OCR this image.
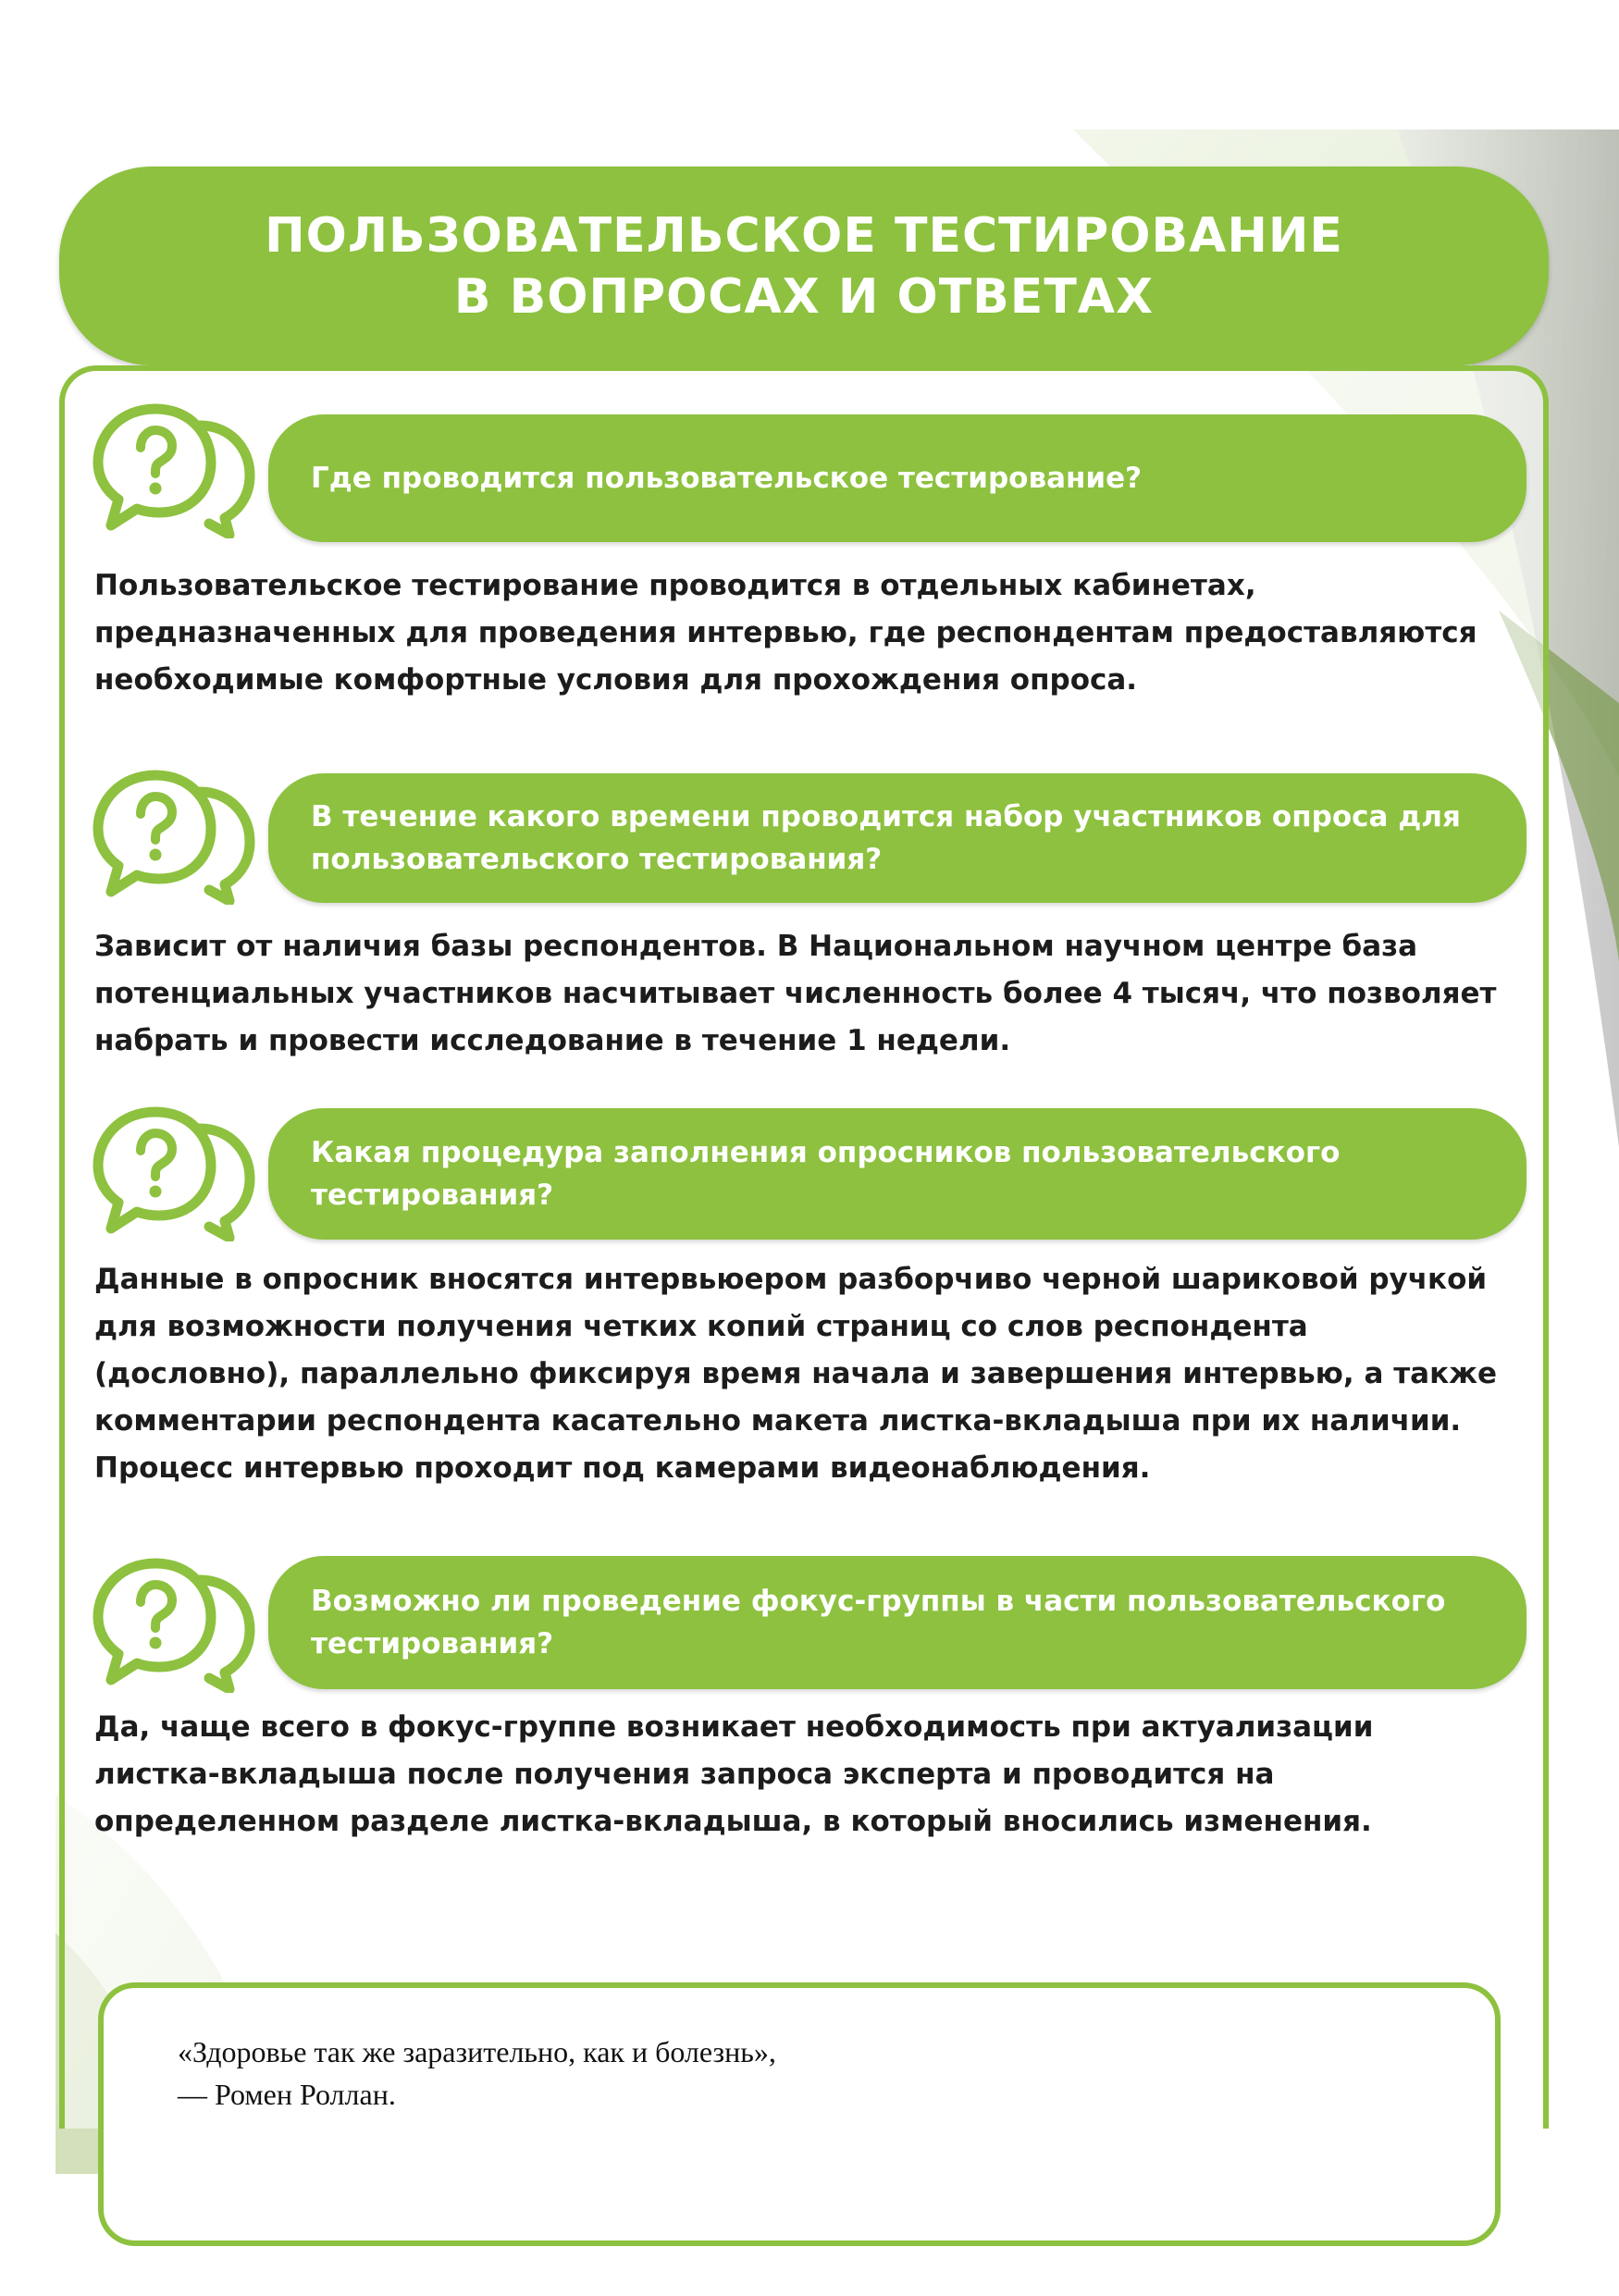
ПОЛЬЗОВАТЕЛЬСКОЕ ТЕСТИРОВАНИЕ
В ВОПРОСАХ И ОТВЕТАХ
Где проводится пользовательское тестирование?

Пользовательское тестирование проводится в отдельных кабинетах, предназначенных для проведения интервью, где респондентам предоставляются необходимые комфортные условия для прохождения опроса.

В течение какого времени проводится набор участников опроса для пользовательского тестирования?

Зависит от наличия базы респондентов. В Национальном научном центре база потенциальных участников насчитывает численность более 4 тысяч, что позволяет набрать и провести исследование в течение 1 недели.

Какая процедура заполнения опросников пользовательского тестирования?

Данные в опросник вносятся интервьюером разборчиво черной шариковой ручкой для возможности получения четких копий страниц со слов респондента (дословно), параллельно фиксируя время начала и завершения интервью, а также комментарии респондента касательно макета листка-вкладыша при их наличии. Процесс интервью проходит под камерами видеонаблюдения.

Возможно ли проведение фокус-группы в части пользовательского тестирования?

Да, чаще всего в фокус-группе возникает необходимость при актуализации листка-вкладыша после получения запроса эксперта и проводится на определенном разделе листка-вкладыша, в который вносились изменения.

«Здоровье так же заразительно, как и болезнь»,
— Ромен Роллан.
